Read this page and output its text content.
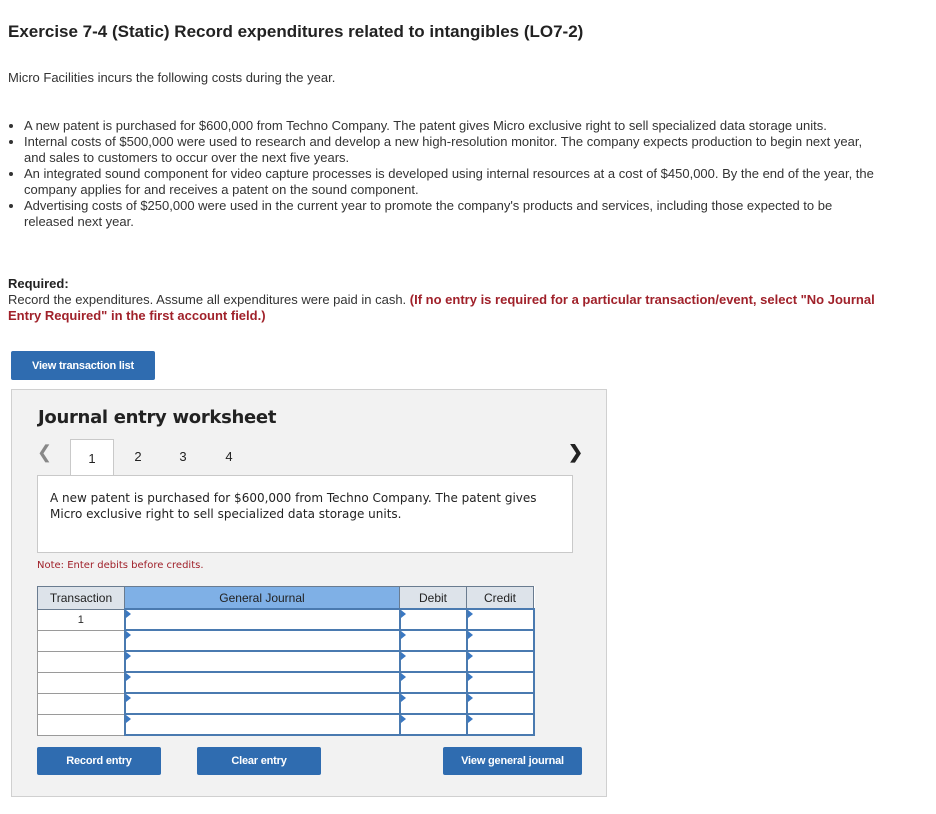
Exercise 7-4 (Static) Record expenditures related to intangibles (LO7-2)
Micro Facilities incurs the following costs during the year.
• A new patent is purchased for $600,000 from Techno Company. The patent gives Micro exclusive right to sell specialized data storage units.
• Internal costs of $500,000 were used to research and develop a new high-resolution monitor. The company expects production to begin next year, and sales to customers to occur over the next five years.
• An integrated sound component for video capture processes is developed using internal resources at a cost of $450,000. By the end of the year, the company applies for and receives a patent on the sound component.
• Advertising costs of $250,000 were used in the current year to promote the company's products and services, including those expected to be released next year.
Required:
Record the expenditures. Assume all expenditures were paid in cash. (If no entry is required for a particular transaction/event, select "No Journal Entry Required" in the first account field.)
View transaction list
Journal entry worksheet
❮	1	2	3	4	❯
A new patent is purchased for $600,000 from Techno Company. The patent gives Micro exclusive right to sell specialized data storage units.
Note: Enter debits before credits.
Transaction	General Journal	Debit	Credit
1	

Record entry	Clear entry	View general journal
